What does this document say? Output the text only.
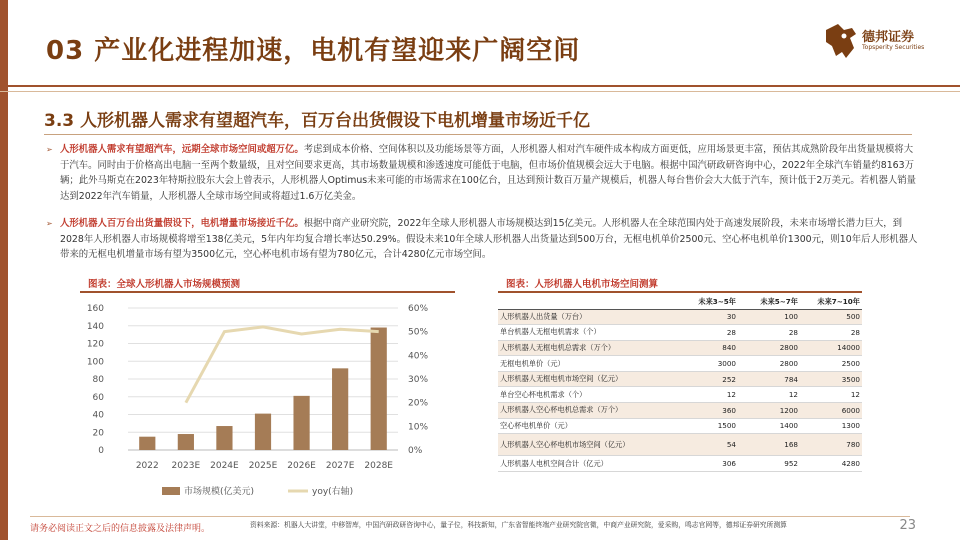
03 产业化进程加速，电机有望迎来广阔空间	德邦证券
Topsperity Securities
3.3 人形机器人需求有望超汽车，百万台出货假设下电机增量市场近千亿
➢ 人形机器人需求有望超汽车，远期全球市场空间或超万亿。考虑到成本价格、空间体积以及功能场景等方面，人形机器人相对汽车硬件成本构成方面更低，应用场景更丰富，预估其成熟阶段年出货量规模将大于汽车。同时由于价格高出电脑一至两个数量级，且对空间要求更高，其市场数量规模和渗透速度可能低于电脑，但市场价值规模会远大于电脑。根据中国汽研政研咨询中心，2022年全球汽车销量约8163万辆；此外马斯克在2023年特斯拉股东大会上曾表示，人形机器人Optimus未来可能的市场需求在100亿台，且达到预计数百万量产规模后，机器人每台售价会大大低于汽车，预计低于2万美元。若机器人销量达到2022年汽车销量，人形机器人全球市场空间或将超过1.6万亿美金。
➢ 人形机器人百万台出货量假设下，电机增量市场接近千亿。根据中商产业研究院，2022年全球人形机器人市场规模达到15亿美元。人形机器人在全球范围内处于高速发展阶段，未来市场增长潜力巨大，到2028年人形机器人市场规模将增至138亿美元，5年内年均复合增长率达50.29%。假设未来10年全球人形机器人出货量达到500万台，无框电机单价2500元、空心杯电机单价1300元，则10年后人形机器人带来的无框电机增量市场有望为3500亿元，空心杯电机市场有望为780亿元，合计4280亿元市场空间。
图表：全球人形机器人市场规模预测	图表：人形机器人电机市场空间测算
0
20
40
60
80
100
120
140
160
0%
10%
20%
30%
40%
50%
60%
2022 2023E 2024E 2025E 2026E 2027E 2028E
市场规模(亿美元)	yoy(右轴)
	未来3~5年	未来5~7年	未来7~10年
人形机器人出货量（万台）	30	100	500
单台机器人无框电机需求（个）	28	28	28
人形机器人无框电机总需求（万个）	840	2800	14000
无框电机单价（元）	3000	2800	2500
人形机器人无框电机市场空间（亿元）	252	784	3500
单台空心杯电机需求（个）	12	12	12
人形机器人空心杯电机总需求（万个）	360	1200	6000
空心杯电机单价（元）	1500	1400	1300
人形机器人空心杯电机市场空间（亿元）	54	168	780
人形机器人电机空间合计（亿元）	306	952	4280
请务必阅读正文之后的信息披露及法律声明。	资料来源：机器人大讲堂，中移智库，中国汽研政研咨询中心，量子位，科技新知，广东省智能终端产业研究院官微，中商产业研究院，爱采购，鸣志官网等，德邦证券研究所测算	23
